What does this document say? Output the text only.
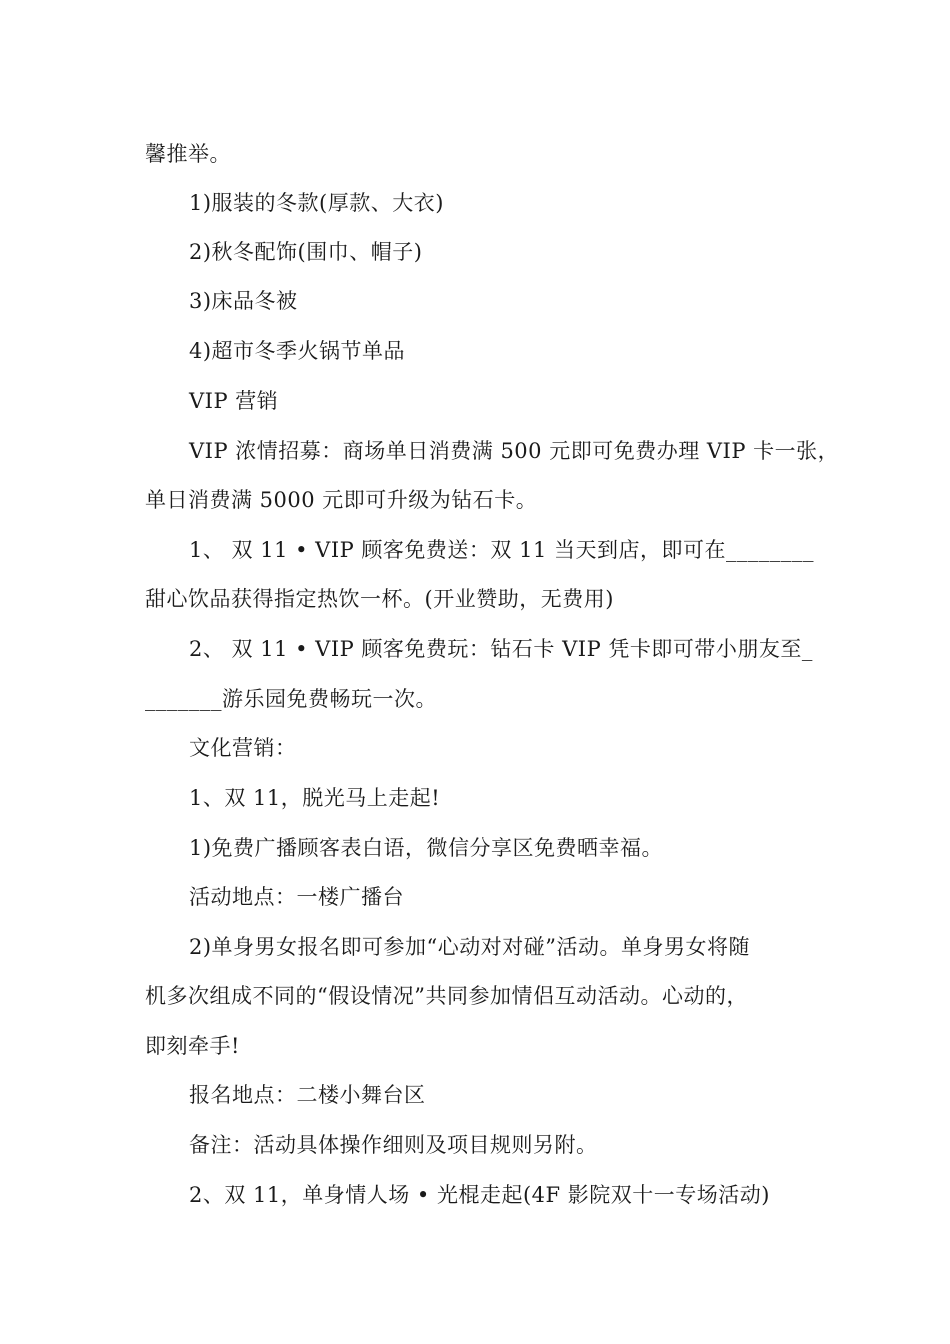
馨推举。
1)服装的冬款(厚款、大衣)
2)秋冬配饰(围巾、帽子)
3)床品冬被
4)超市冬季火锅节单品
VIP 营销
VIP 浓情招募：商场单日消费满 500 元即可免费办理 VIP 卡一张，
单日消费满 5000 元即可升级为钻石卡。
1、 双 11 • VIP 顾客免费送：双 11 当天到店，即可在________
甜心饮品获得指定热饮一杯。(开业赞助，无费用)
2、 双 11 • VIP 顾客免费玩：钻石卡 VIP 凭卡即可带小朋友至_
_______游乐园免费畅玩一次。
文化营销：
1、双 11，脱光马上走起!
1)免费广播顾客表白语，微信分享区免费晒幸福。
活动地点：一楼广播台
2)单身男女报名即可参加“心动对对碰”活动。单身男女将随
机多次组成不同的“假设情况”共同参加情侣互动活动。心动的，
即刻牵手!
报名地点：二楼小舞台区
备注：活动具体操作细则及项目规则另附。
2、双 11，单身情人场 • 光棍走起(4F 影院双十一专场活动)
